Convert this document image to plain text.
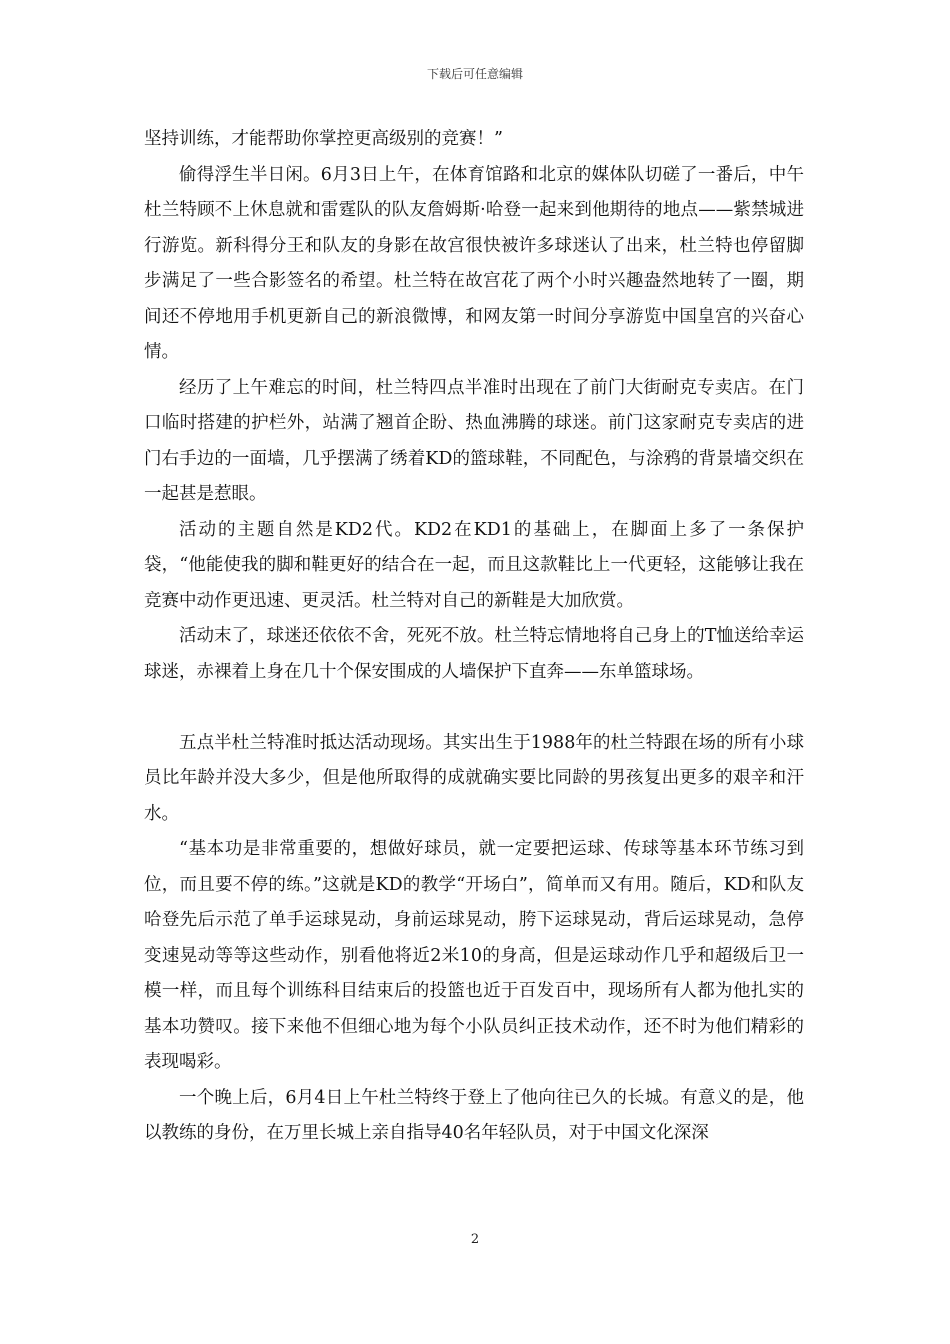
下载后可任意编辑

坚持训练，才能帮助你掌控更高级别的竞赛！”

偷得浮生半日闲。6月3日上午，在体育馆路和北京的媒体队切磋了一番后，中午杜兰特顾不上休息就和雷霆队的队友詹姆斯·哈登一起来到他期待的地点——紫禁城进行游览。新科得分王和队友的身影在故宫很快被许多球迷认了出来，杜兰特也停留脚步满足了一些合影签名的希望。杜兰特在故宫花了两个小时兴趣盎然地转了一圈，期间还不停地用手机更新自己的新浪微博，和网友第一时间分享游览中国皇宫的兴奋心情。

经历了上午难忘的时间，杜兰特四点半准时出现在了前门大街耐克专卖店。在门口临时搭建的护栏外，站满了翘首企盼、热血沸腾的球迷。前门这家耐克专卖店的进门右手边的一面墙，几乎摆满了绣着KD的篮球鞋，不同配色，与涂鸦的背景墙交织在一起甚是惹眼。

活动的主题自然是KD2代。KD2在KD1的基础上，在脚面上多了一条保护袋，“他能使我的脚和鞋更好的结合在一起，而且这款鞋比上一代更轻，这能够让我在竞赛中动作更迅速、更灵活。杜兰特对自己的新鞋是大加欣赏。

活动末了，球迷还依依不舍，死死不放。杜兰特忘情地将自己身上的T恤送给幸运球迷，赤裸着上身在几十个保安围成的人墙保护下直奔——东单篮球场。

五点半杜兰特准时抵达活动现场。其实出生于1988年的杜兰特跟在场的所有小球员比年龄并没大多少，但是他所取得的成就确实要比同龄的男孩复出更多的艰辛和汗水。

“基本功是非常重要的，想做好球员，就一定要把运球、传球等基本环节练习到位，而且要不停的练。”这就是KD的教学“开场白”，简单而又有用。随后，KD和队友哈登先后示范了单手运球晃动，身前运球晃动，胯下运球晃动，背后运球晃动，急停变速晃动等等这些动作，别看他将近2米10的身高，但是运球动作几乎和超级后卫一模一样，而且每个训练科目结束后的投篮也近于百发百中，现场所有人都为他扎实的基本功赞叹。接下来他不但细心地为每个小队员纠正技术动作，还不时为他们精彩的表现喝彩。

一个晚上后，6月4日上午杜兰特终于登上了他向往已久的长城。有意义的是，他以教练的身份，在万里长城上亲自指导40名年轻队员，对于中国文化深深

2
